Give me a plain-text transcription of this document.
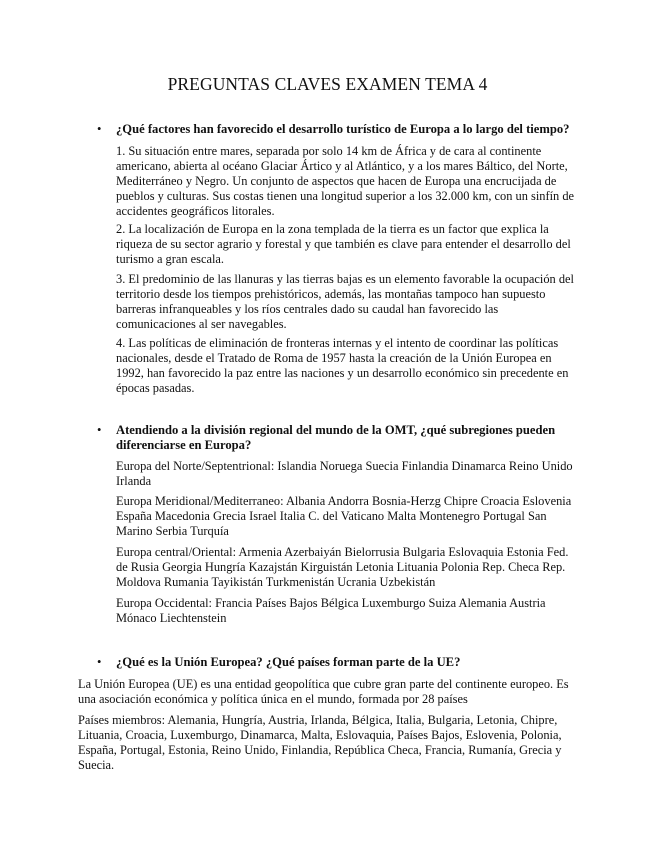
PREGUNTAS CLAVES EXAMEN TEMA 4
• ¿Qué factores han favorecido el desarrollo turístico de Europa a lo largo del tiempo?
1. Su situación entre mares, separada por solo 14 km de África y de cara al continente americano, abierta al océano Glaciar Ártico y al Atlántico, y a los mares Báltico, del Norte, Mediterráneo y Negro. Un conjunto de aspectos que hacen de Europa una encrucijada de pueblos y culturas. Sus costas tienen una longitud superior a los 32.000 km, con un sinfín de accidentes geográficos litorales.
2. La localización de Europa en la zona templada de la tierra es un factor que explica la riqueza de su sector agrario y forestal y que también es clave para entender el desarrollo del turismo a gran escala.
3. El predominio de las llanuras y las tierras bajas es un elemento favorable la ocupación del territorio desde los tiempos prehistóricos, además, las montañas tampoco han supuesto barreras infranqueables y los ríos centrales dado su caudal han favorecido las comunicaciones al ser navegables.
4. Las políticas de eliminación de fronteras internas y el intento de coordinar las políticas nacionales, desde el Tratado de Roma de 1957 hasta la creación de la Unión Europea en 1992, han favorecido la paz entre las naciones y un desarrollo económico sin precedente en épocas pasadas.
• Atendiendo a la división regional del mundo de la OMT, ¿qué subregiones pueden diferenciarse en Europa?
Europa del Norte/Septentrional: Islandia Noruega Suecia Finlandia Dinamarca Reino Unido Irlanda
Europa Meridional/Mediterraneo: Albania Andorra Bosnia-Herzg Chipre Croacia Eslovenia España Macedonia Grecia Israel Italia C. del Vaticano Malta Montenegro Portugal San Marino Serbia Turquía
Europa central/Oriental: Armenia Azerbaiyán Bielorrusia Bulgaria Eslovaquia Estonia Fed. de Rusia Georgia Hungría Kazajstán Kirguistán Letonia Lituania Polonia Rep. Checa Rep. Moldova Rumania Tayikistán Turkmenistán Ucrania Uzbekistán
Europa Occidental: Francia Países Bajos Bélgica Luxemburgo Suiza Alemania Austria Mónaco Liechtenstein
• ¿Qué es la Unión Europea? ¿Qué países forman parte de la UE?
La Unión Europea (UE) es una entidad geopolítica que cubre gran parte del continente europeo. Es una asociación económica y política única en el mundo, formada por 28 países
Países miembros: Alemania, Hungría, Austria, Irlanda, Bélgica, Italia, Bulgaria, Letonia, Chipre, Lituania, Croacia, Luxemburgo, Dinamarca, Malta, Eslovaquia, Países Bajos, Eslovenia, Polonia, España, Portugal, Estonia, Reino Unido, Finlandia, República Checa, Francia, Rumanía, Grecia y Suecia.
